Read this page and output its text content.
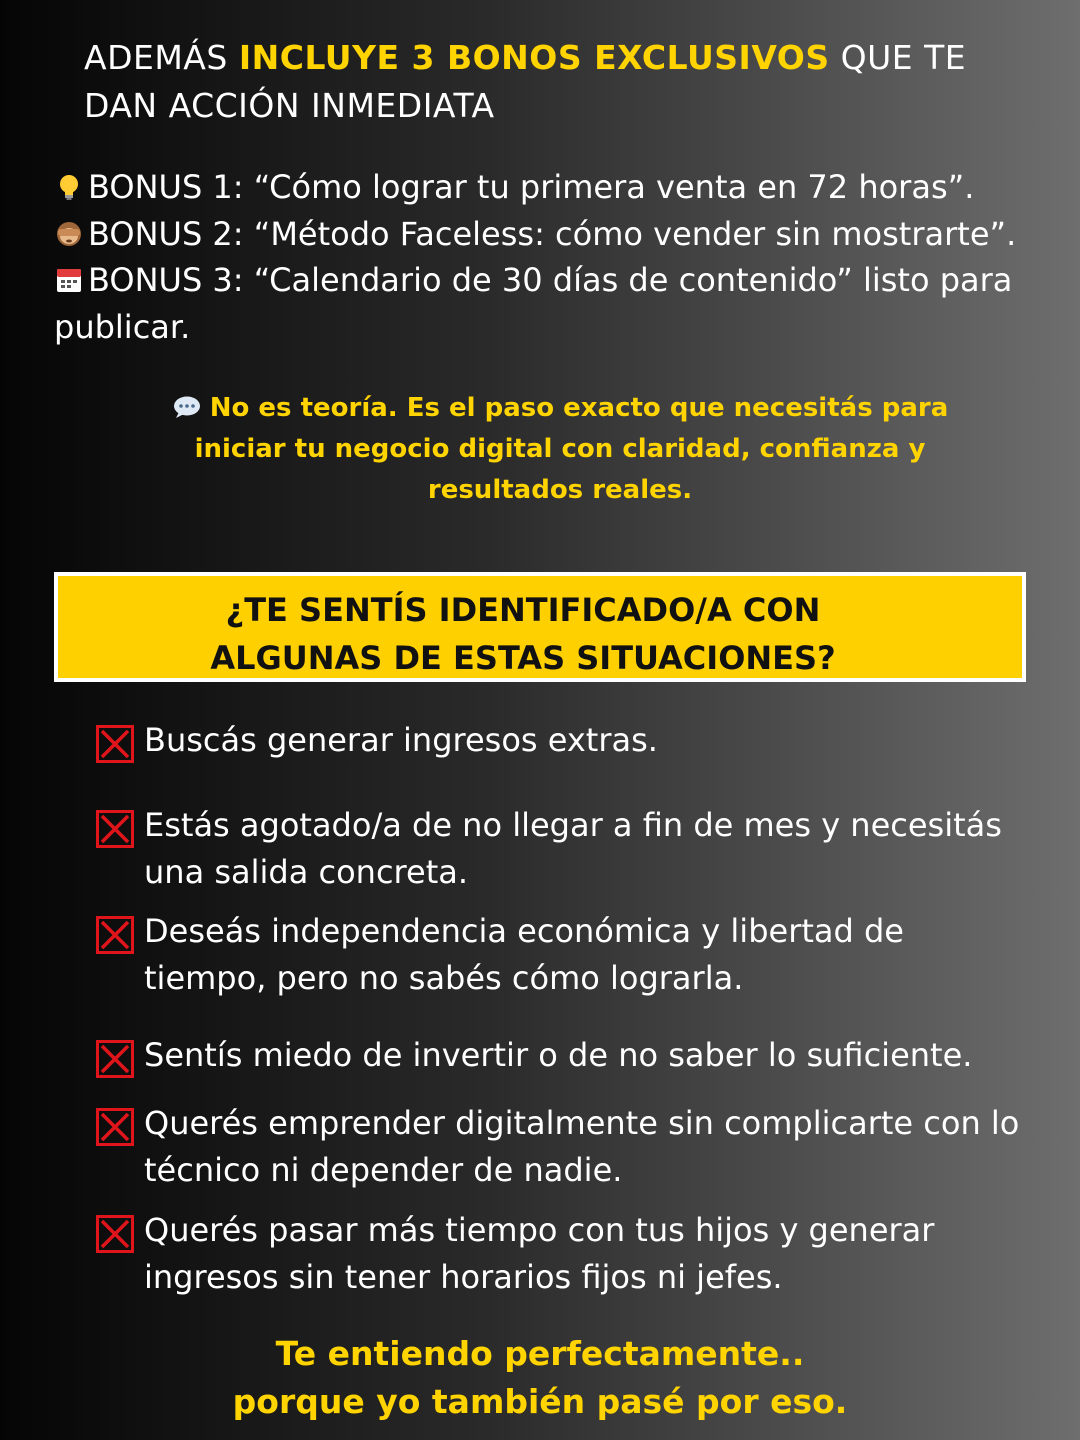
ADEMÁS INCLUYE 3 BONOS EXCLUSIVOS QUE TE DAN ACCIÓN INMEDIATA
BONUS 1: “Cómo lograr tu primera venta en 72 horas”.
BONUS 2: “Método Faceless: cómo vender sin mostrarte”.
BONUS 3: “Calendario de 30 días de contenido” listo para publicar.
No es teoría. Es el paso exacto que necesitás para iniciar tu negocio digital con claridad, confianza y resultados reales.
¿TE SENTÍS IDENTIFICADO/A CON
ALGUNAS DE ESTAS SITUACIONES?
Buscás generar ingresos extras.
Estás agotado/a de no llegar a fin de mes y necesitás una salida concreta.
Deseás independencia económica y libertad de tiempo, pero no sabés cómo lograrla.
Sentís miedo de invertir o de no saber lo suficiente.
Querés emprender digitalmente sin complicarte con lo técnico ni depender de nadie.
Querés pasar más tiempo con tus hijos y generar ingresos sin tener horarios fijos ni jefes.
Te entiendo perfectamente..
porque yo también pasé por eso.
